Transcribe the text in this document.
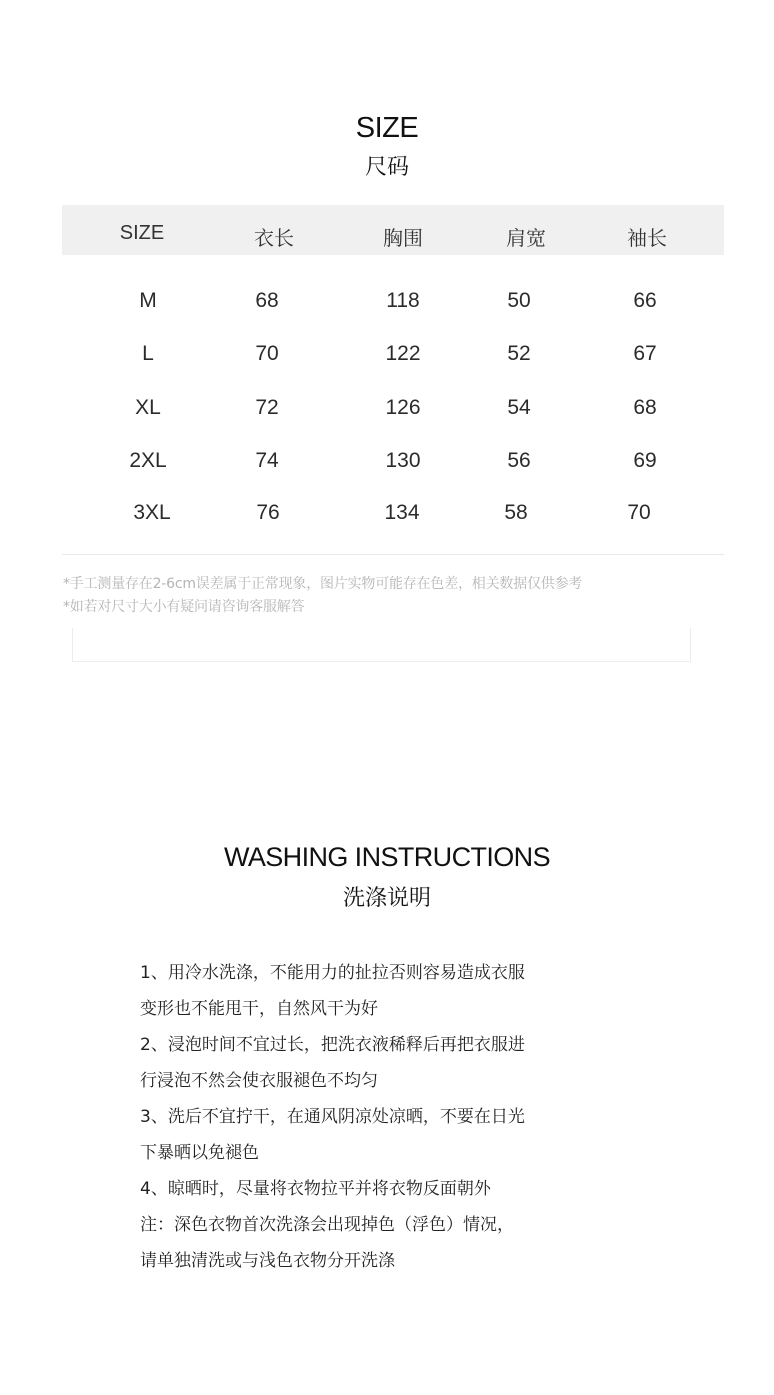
SIZE
尺码
SIZE	衣长	胸围	肩宽	袖长
M	68	118	50	66
L	70	122	52	67
XL	72	126	54	68
2XL	74	130	56	69
3XL	76	134	58	70
*手工测量存在2-6cm误差属于正常现象，图片实物可能存在色差，相关数据仅供参考
*如若对尺寸大小有疑问请咨询客服解答
WASHING INSTRUCTIONS
洗涤说明
1、用冷水洗涤，不能用力的扯拉否则容易造成衣服
变形也不能甩干，自然风干为好
2、浸泡时间不宜过长，把洗衣液稀释后再把衣服进
行浸泡不然会使衣服褪色不均匀
3、洗后不宜拧干，在通风阴凉处凉晒，不要在日光
下暴晒以免褪色
4、晾晒时，尽量将衣物拉平并将衣物反面朝外
注：深色衣物首次洗涤会出现掉色（浮色）情况，
请单独清洗或与浅色衣物分开洗涤
